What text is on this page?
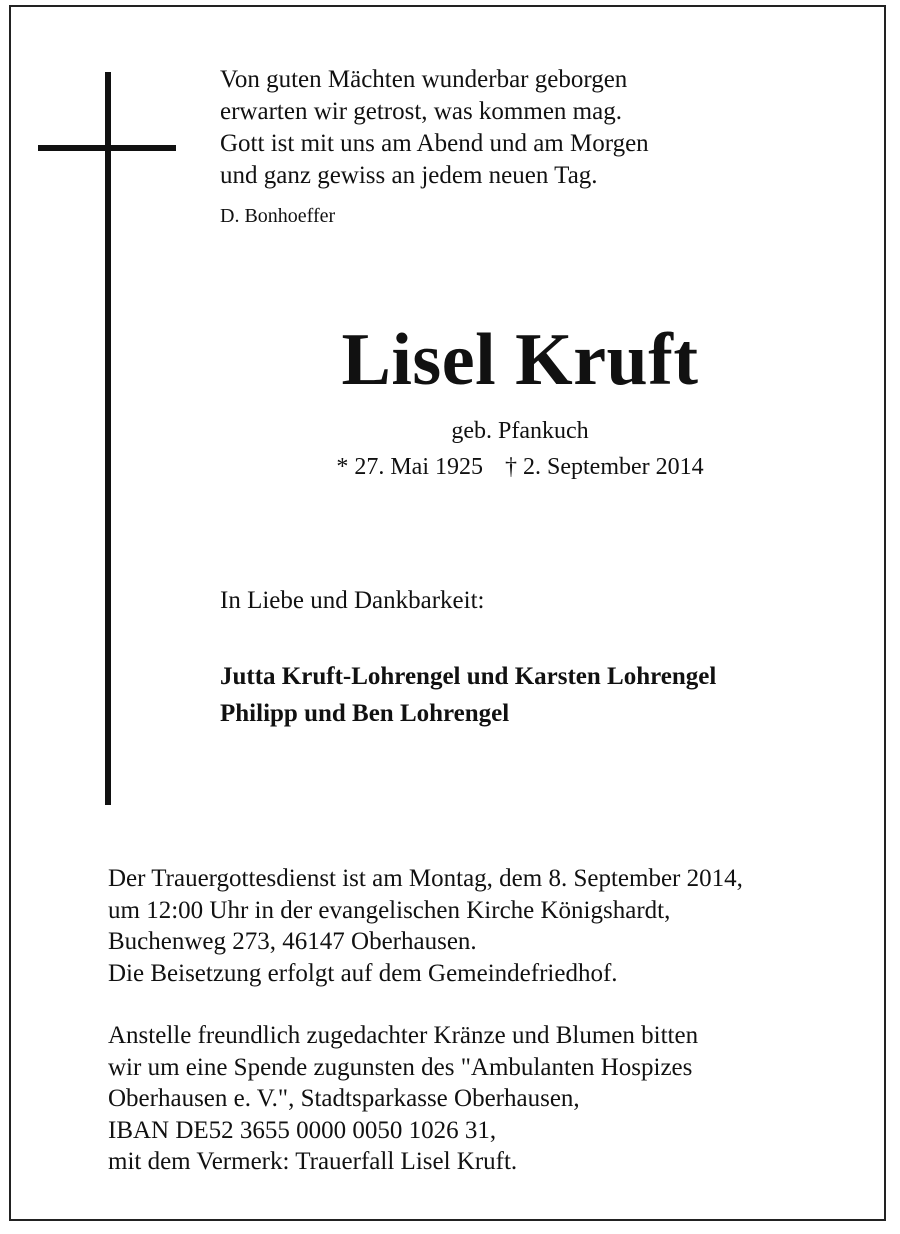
Von guten Mächten wunderbar geborgen
erwarten wir getrost, was kommen mag.
Gott ist mit uns am Abend und am Morgen
und ganz gewiss an jedem neuen Tag.
D. Bonhoeffer
Lisel Kruft
geb. Pfankuch
* 27. Mai 1925 † 2. September 2014
In Liebe und Dankbarkeit:
Jutta Kruft-Lohrengel und Karsten Lohrengel
Philipp und Ben Lohrengel
Der Trauergottesdienst ist am Montag, dem 8. September 2014,
um 12:00 Uhr in der evangelischen Kirche Königshardt,
Buchenweg 273, 46147 Oberhausen.
Die Beisetzung erfolgt auf dem Gemeindefriedhof.
Anstelle freundlich zugedachter Kränze und Blumen bitten
wir um eine Spende zugunsten des "Ambulanten Hospizes
Oberhausen e. V.", Stadtsparkasse Oberhausen,
IBAN DE52 3655 0000 0050 1026 31,
mit dem Vermerk: Trauerfall Lisel Kruft.
